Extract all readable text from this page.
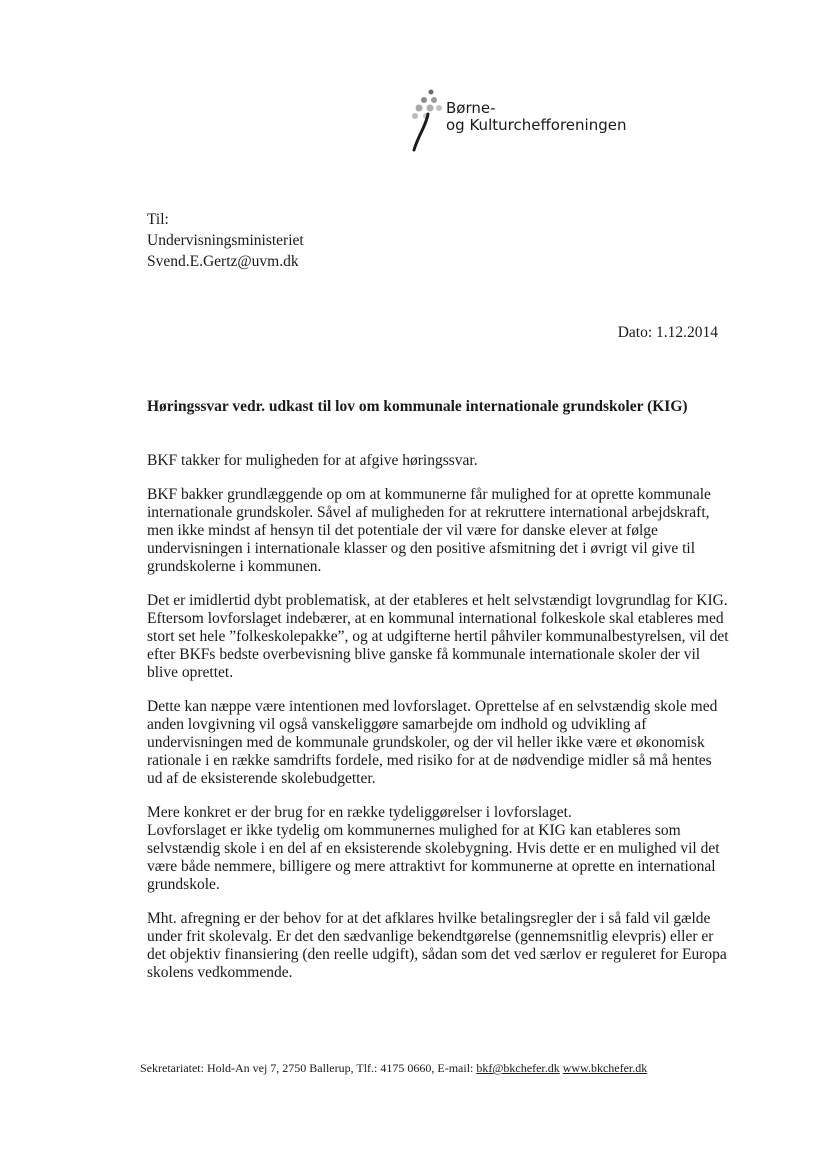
Børne-
og Kulturchefforeningen
Til:
Undervisningsministeriet
Svend.E.Gertz@uvm.dk
Dato: 1.12.2014
Høringssvar vedr. udkast til lov om kommunale internationale grundskoler (KIG)
BKF takker for muligheden for at afgive høringssvar.
BKF bakker grundlæggende op om at kommunerne får mulighed for at oprette kommunale
internationale grundskoler. Såvel af muligheden for at rekruttere international arbejdskraft,
men ikke mindst af hensyn til det potentiale der vil være for danske elever at følge
undervisningen i internationale klasser og den positive afsmitning det i øvrigt vil give til
grundskolerne i kommunen.
Det er imidlertid dybt problematisk, at der etableres et helt selvstændigt lovgrundlag for KIG.
Eftersom lovforslaget indebærer, at en kommunal international folkeskole skal etableres med
stort set hele ”folkeskolepakke”, og at udgifterne hertil påhviler kommunalbestyrelsen, vil det
efter BKFs bedste overbevisning blive ganske få kommunale internationale skoler der vil
blive oprettet.
Dette kan næppe være intentionen med lovforslaget. Oprettelse af en selvstændig skole med
anden lovgivning vil også vanskeliggøre samarbejde om indhold og udvikling af
undervisningen med de kommunale grundskoler, og der vil heller ikke være et økonomisk
rationale i en række samdrifts fordele, med risiko for at de nødvendige midler så må hentes
ud af de eksisterende skolebudgetter.
Mere konkret er der brug for en række tydeliggørelser i lovforslaget.
Lovforslaget er ikke tydelig om kommunernes mulighed for at KIG kan etableres som
selvstændig skole i en del af en eksisterende skolebygning. Hvis dette er en mulighed vil det
være både nemmere, billigere og mere attraktivt for kommunerne at oprette en international
grundskole.
Mht. afregning er der behov for at det afklares hvilke betalingsregler der i så fald vil gælde
under frit skolevalg. Er det den sædvanlige bekendtgørelse (gennemsnitlig elevpris) eller er
det objektiv finansiering (den reelle udgift), sådan som det ved særlov er reguleret for Europa
skolens vedkommende.
Sekretariatet: Hold-An vej 7, 2750 Ballerup, Tlf.: 4175 0660, E-mail: bkf@bkchefer.dk www.bkchefer.dk
